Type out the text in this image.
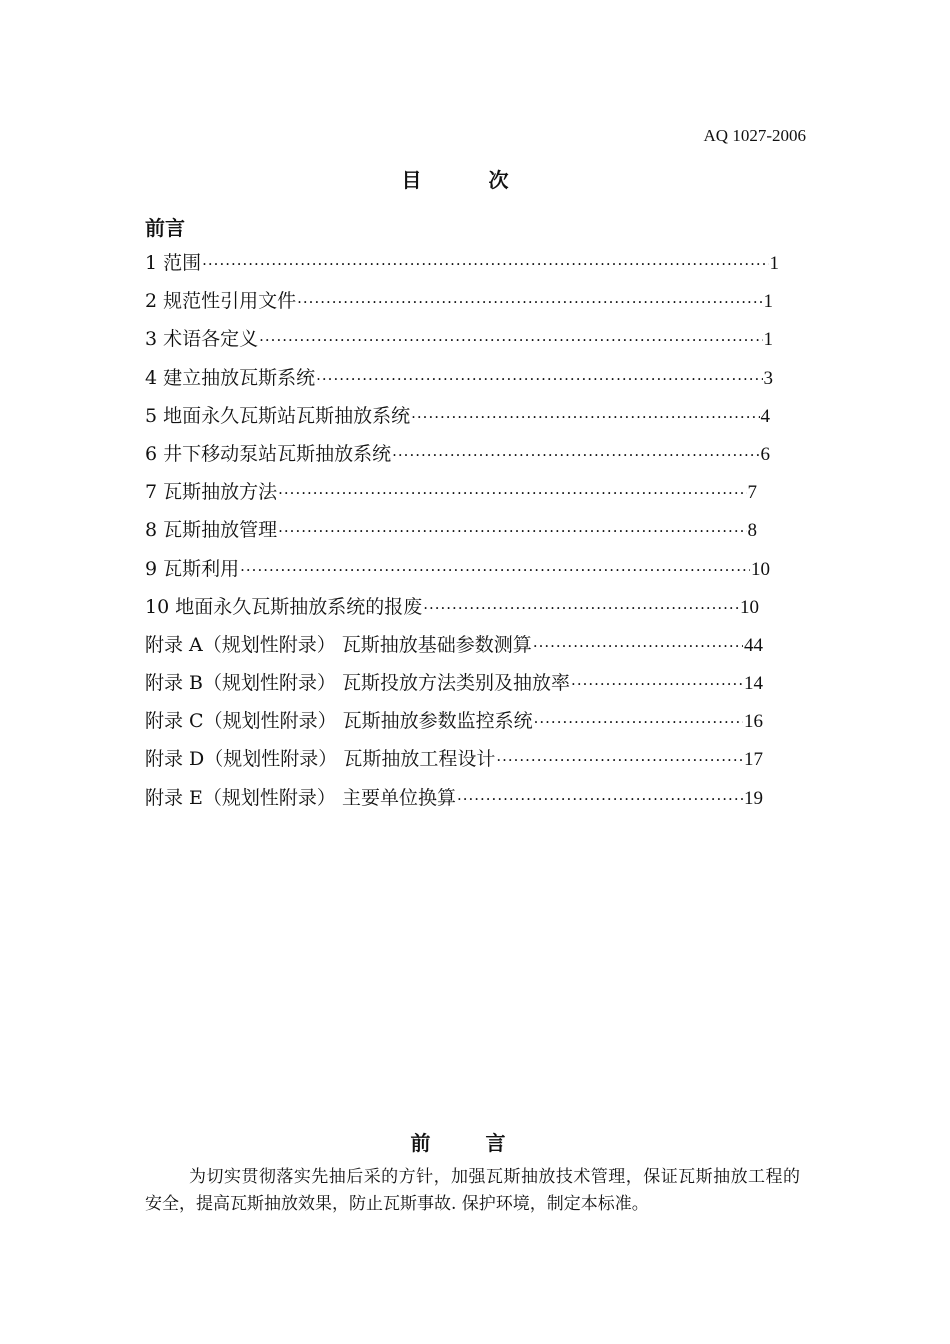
AQ 1027-2006
目 次
前言
1 范围 ·····	1
2 规范性引用文件 ·····	1
3 术语各定义 ·····	1
4 建立抽放瓦斯系统 ·····	3
5 地面永久瓦斯站瓦斯抽放系统 ·····	4
6 井下移动泵站瓦斯抽放系统 ·····	6
7 瓦斯抽放方法 ·····	7
8 瓦斯抽放管理 ·····	8
9 瓦斯利用 ·····	10
10 地面永久瓦斯抽放系统的报废 ·····	10
附录 A（规划性附录） 瓦斯抽放基础参数测算 ·····	44
附录 B（规划性附录） 瓦斯投放方法类别及抽放率 ·····	14
附录 C（规划性附录） 瓦斯抽放参数监控系统 ·····	16
附录 D（规划性附录） 瓦斯抽放工程设计 ·····	17
附录 E（规划性附录） 主要单位换算 ·····	19
前 言
为切实贯彻落实先抽后采的方针，加强瓦斯抽放技术管理，保证瓦斯抽放工程的安全，提高瓦斯抽放效果，防止瓦斯事故. 保护环境，制定本标准。
